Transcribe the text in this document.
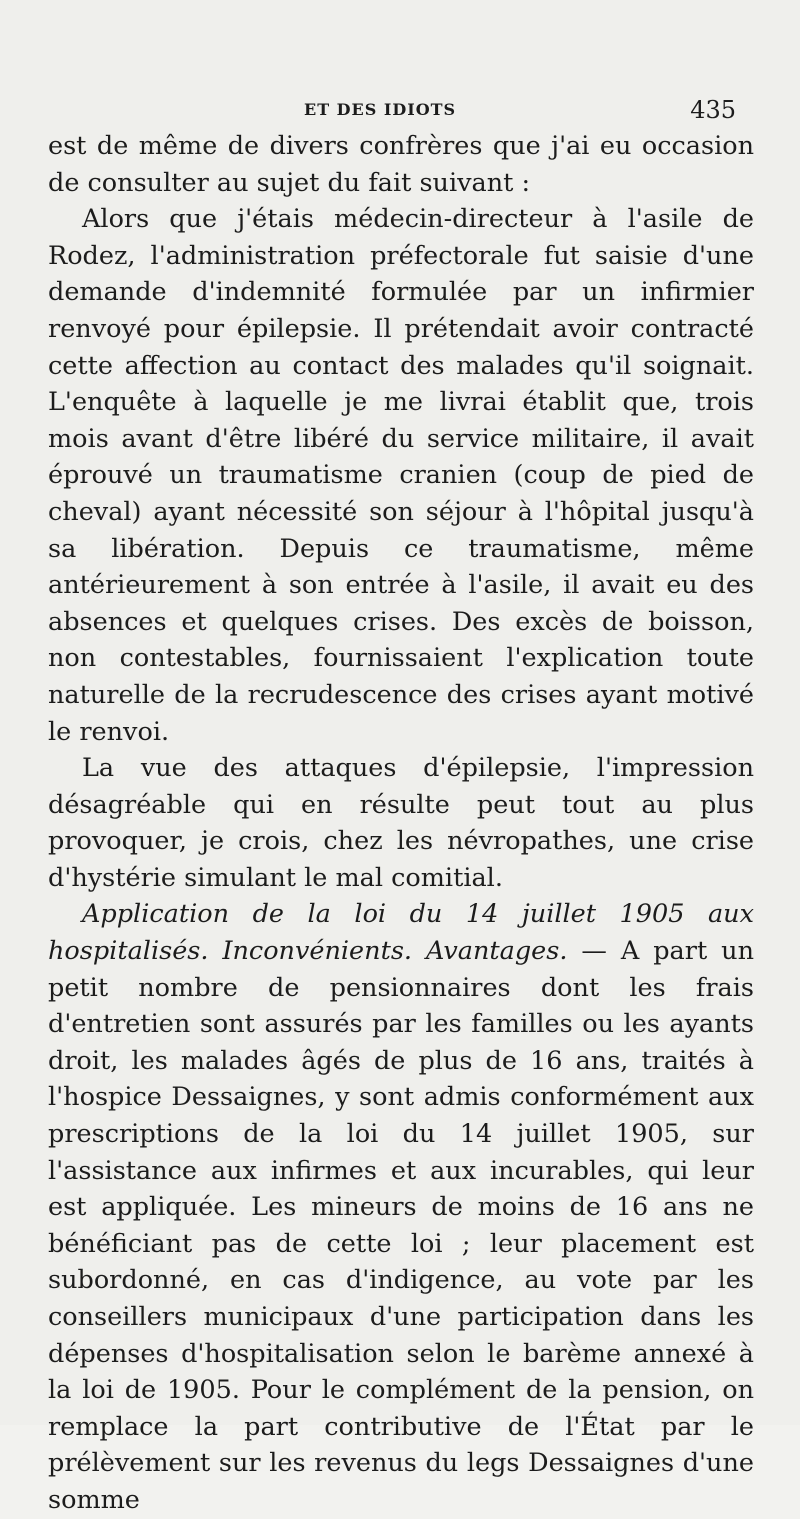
ET DES IDIOTS	435

est de même de divers confrères que j'ai eu occasion de consulter au sujet du fait suivant :

Alors que j'étais médecin-directeur à l'asile de Rodez, l'administration préfectorale fut saisie d'une demande d'indemnité formulée par un infirmier renvoyé pour épilepsie. Il prétendait avoir contracté cette affection au contact des malades qu'il soignait. L'enquête à laquelle je me livrai établit que, trois mois avant d'être libéré du service militaire, il avait éprouvé un traumatisme cranien (coup de pied de cheval) ayant nécessité son séjour à l'hôpital jusqu'à sa libération. Depuis ce traumatisme, même antérieurement à son entrée à l'asile, il avait eu des absences et quelques crises. Des excès de boisson, non contestables, fournissaient l'explication toute naturelle de la recrudescence des crises ayant motivé le renvoi.

La vue des attaques d'épilepsie, l'impression désagréable qui en résulte peut tout au plus provoquer, je crois, chez les névropathes, une crise d'hystérie simulant le mal comitial.

Application de la loi du 14 juillet 1905 aux hospitalisés. Inconvénients. Avantages. — A part un petit nombre de pensionnaires dont les frais d'entretien sont assurés par les familles ou les ayants droit, les malades âgés de plus de 16 ans, traités à l'hospice Dessaignes, y sont admis conformément aux prescriptions de la loi du 14 juillet 1905, sur l'assistance aux infirmes et aux incurables, qui leur est appliquée. Les mineurs de moins de 16 ans ne bénéficiant pas de cette loi ; leur placement est subordonné, en cas d'indigence, au vote par les conseillers municipaux d'une participation dans les dépenses d'hospitalisation selon le barème annexé à la loi de 1905. Pour le complément de la pension, on remplace la part contributive de l'État par le prélèvement sur les revenus du legs Dessaignes d'une somme
